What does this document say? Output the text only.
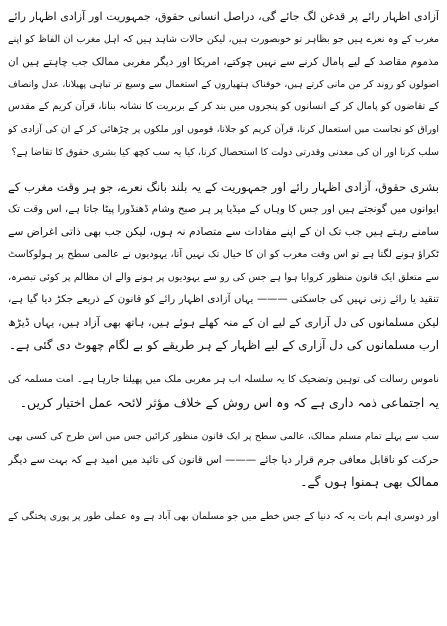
آزادی اظہار رائے پر قدغن لگ جائے گی، دراصل انسانی حقوق، جمہوریت اور آزادی اظہار رائے
مغرب کے وہ نعرے ہیں جو بظاہر تو خوبصورت ہیں، لیکن حالات شاہد ہیں کہ اہل مغرب ان الفاظ کو اپنے
مذموم مقاصد کے لیے پامال کرنے سے نہیں چوکتے، امریکا اور دیگر مغربی ممالک جب چاہتے ہیں ان
اصولوں کو روند کر من مانی کرتے ہیں، خوفناک ہتھیاروں کے استعمال سے وسیع تر تباہی پھیلانا، عدل وانصاف
کے تقاضوں کو پامال کر کے انسانوں کو پنجروں میں بند کر کے بربریت کا نشانہ بنانا، قرآن کریم کے مقدس
اوراق کو نجاست میں استعمال کرنا، قرآن کریم کو جلانا، قوموں اور ملکوں پر چڑھائی کر کے ان کی آزادی کو
سلب کرنا اور ان کی معدنی وقدرتی دولت کا استحصال کرنا، کیا یہ سب کچھ کیا بشری حقوق کا تقاضا ہے؟
بشری حقوق، آزادی اظہار رائے اور جمہوریت کے یہ بلند بانگ نعرے، جو ہر وقت مغرب کے
ایوانوں میں گونجتے ہیں اور جس کا وہاں کے میڈیا پر ہر صبح وشام ڈھنڈورا پیٹا جاتا ہے، اس وقت تک
سامنے رہتے ہیں جب تک ان کے اپنے مفادات سے متصادم نہ ہوں، لیکن جب بھی ذاتی اغراض سے
ٹکراؤ ہونے لگتا ہے تو اس وقت مغرب کو ان کا خیال تک نہیں آتا، یہودیوں نے عالمی سطح پر ہولوکاسٹ
سے متعلق ایک قانون منظور کروایا ہوا ہے جس کی رو سے یہودیوں پر ہونے والے ان مظالم پر کوئی تبصرہ،
تنقید یا رائے زنی نہیں کی جاسکتی ——— یہاں آزادی اظہار رائے کو قانون کے ذریعے جکڑ دیا گیا ہے،
لیکن مسلمانوں کی دل آزاری کے لیے ان کے منہ کھلے ہوئے ہیں، ہاتھ بھی آزاد ہیں، یہاں ڈیڑھ
ارب مسلمانوں کی دل آزاری کے لیے اظہار کے ہر طریقے کو بے لگام چھوٹ دی گئی ہے۔
ناموس رسالت کی توہین وتضحیک کا یہ سلسلہ اب ہر مغربی ملک میں پھیلتا جارہا ہے۔ امت مسلمہ کی
یہ اجتماعی ذمہ داری ہے کہ وہ اس روش کے خلاف مؤثر لائحہ عمل اختیار کریں۔
سب سے پہلے تمام مسلم ممالک، عالمی سطح پر ایک قانون منظور کرائیں جس میں اس طرح کی کسی بھی
حرکت کو ناقابل معافی جرم قرار دیا جائے ——— اس قانون کی تائید میں امید ہے کہ بہت سے دیگر
ممالک بھی ہمنوا ہوں گے۔
اور دوسری اہم بات یہ کہ دنیا کے جس خطے میں جو مسلمان بھی آباد ہے وہ عملی طور پر پوری پختگی کے
